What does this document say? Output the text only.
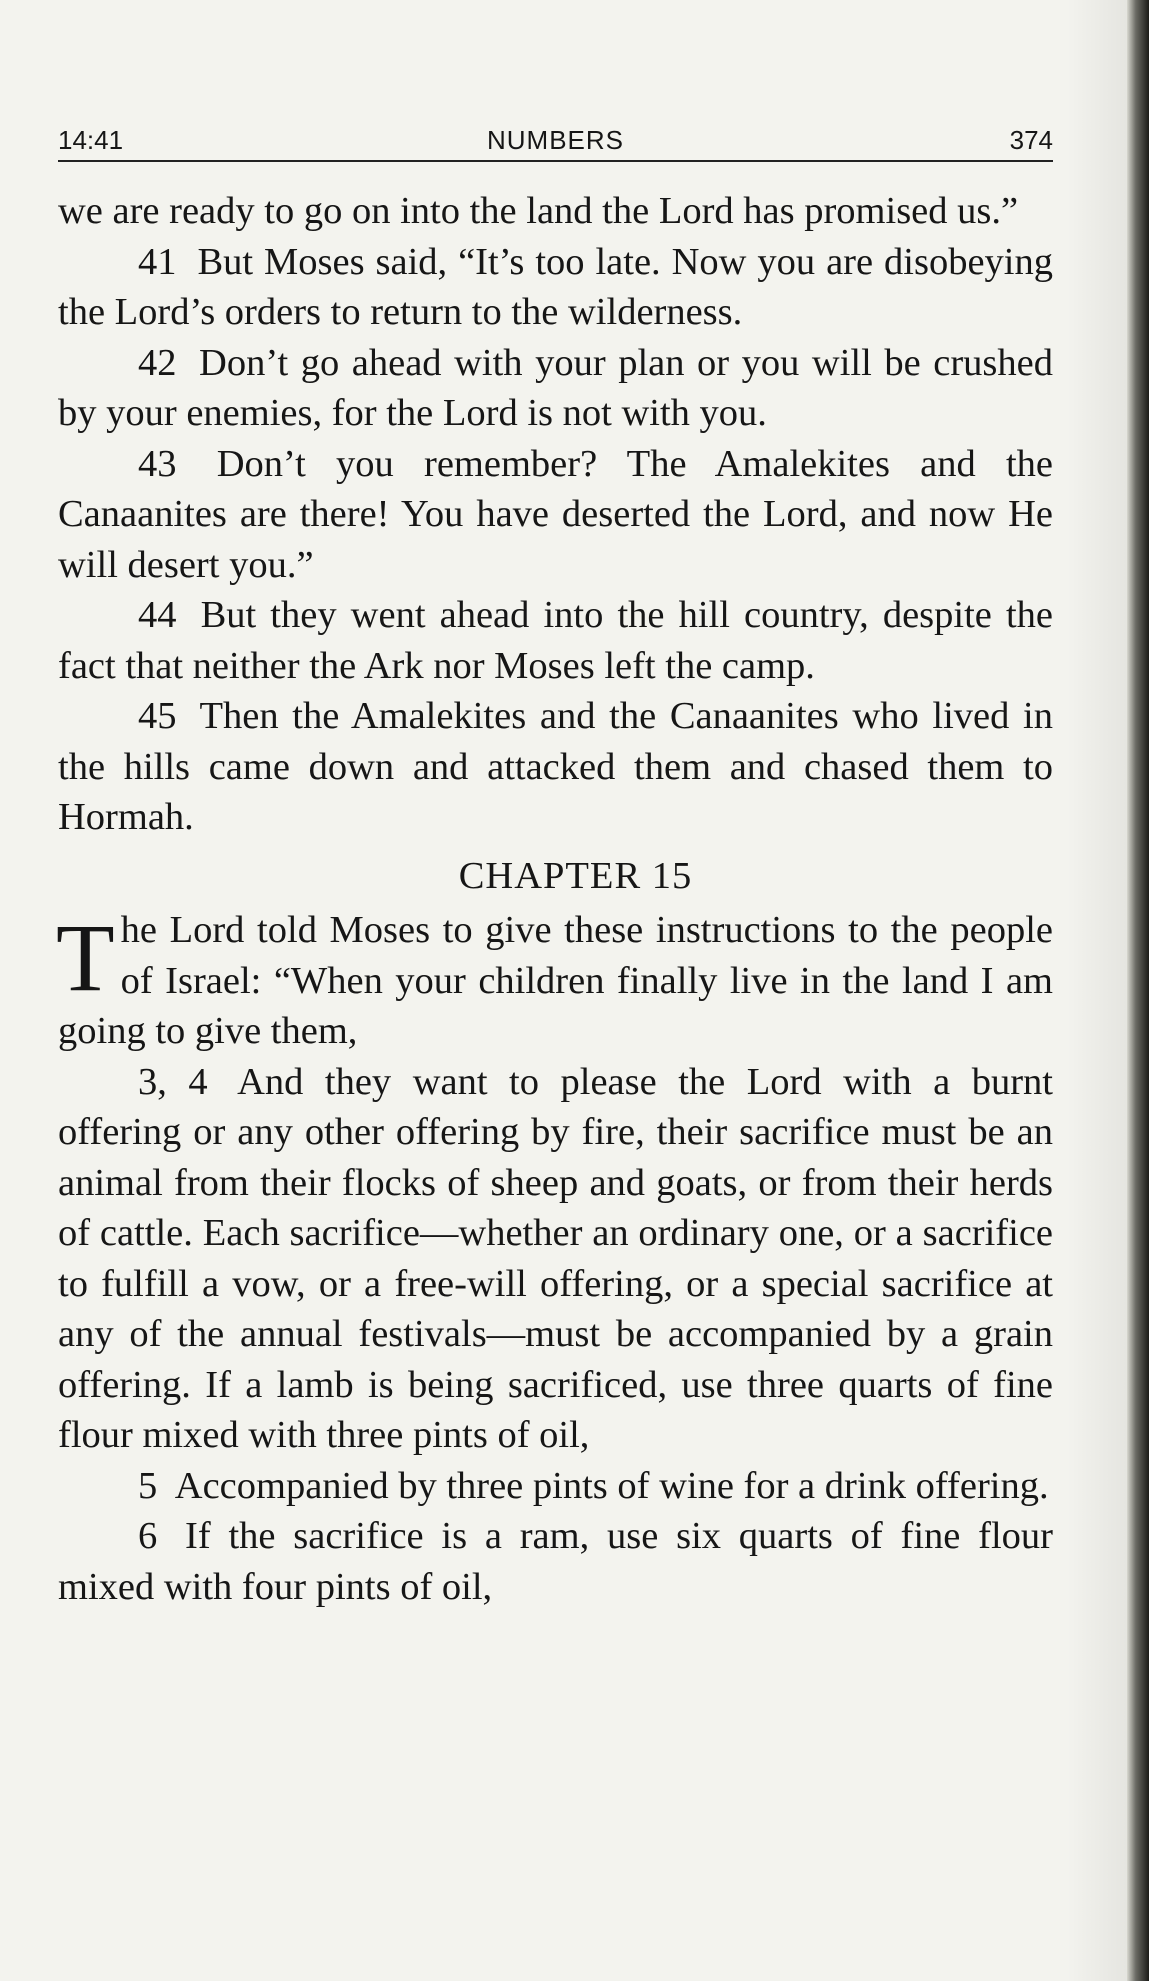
14:41	NUMBERS	374

we are ready to go on into the land the Lord has promised us.”

41 But Moses said, “It’s too late. Now you are disobeying the Lord’s orders to return to the wilderness.

42 Don’t go ahead with your plan or you will be crushed by your enemies, for the Lord is not with you.

43 Don’t you remember? The Amalekites and the Canaanites are there! You have deserted the Lord, and now He will desert you.”

44 But they went ahead into the hill country, despite the fact that neither the Ark nor Moses left the camp.

45 Then the Amalekites and the Canaanites who lived in the hills came down and attacked them and chased them to Hormah.

CHAPTER 15

The Lord told Moses to give these instructions to the people of Israel: “When your children finally live in the land I am going to give them,

3, 4 And they want to please the Lord with a burnt offering or any other offering by fire, their sacrifice must be an animal from their flocks of sheep and goats, or from their herds of cattle. Each sacrifice—whether an ordinary one, or a sacrifice to fulfill a vow, or a free-will offering, or a special sacrifice at any of the annual festivals—must be accompanied by a grain offering. If a lamb is being sacrificed, use three quarts of fine flour mixed with three pints of oil,

5 Accompanied by three pints of wine for a drink offering.

6 If the sacrifice is a ram, use six quarts of fine flour mixed with four pints of oil,
